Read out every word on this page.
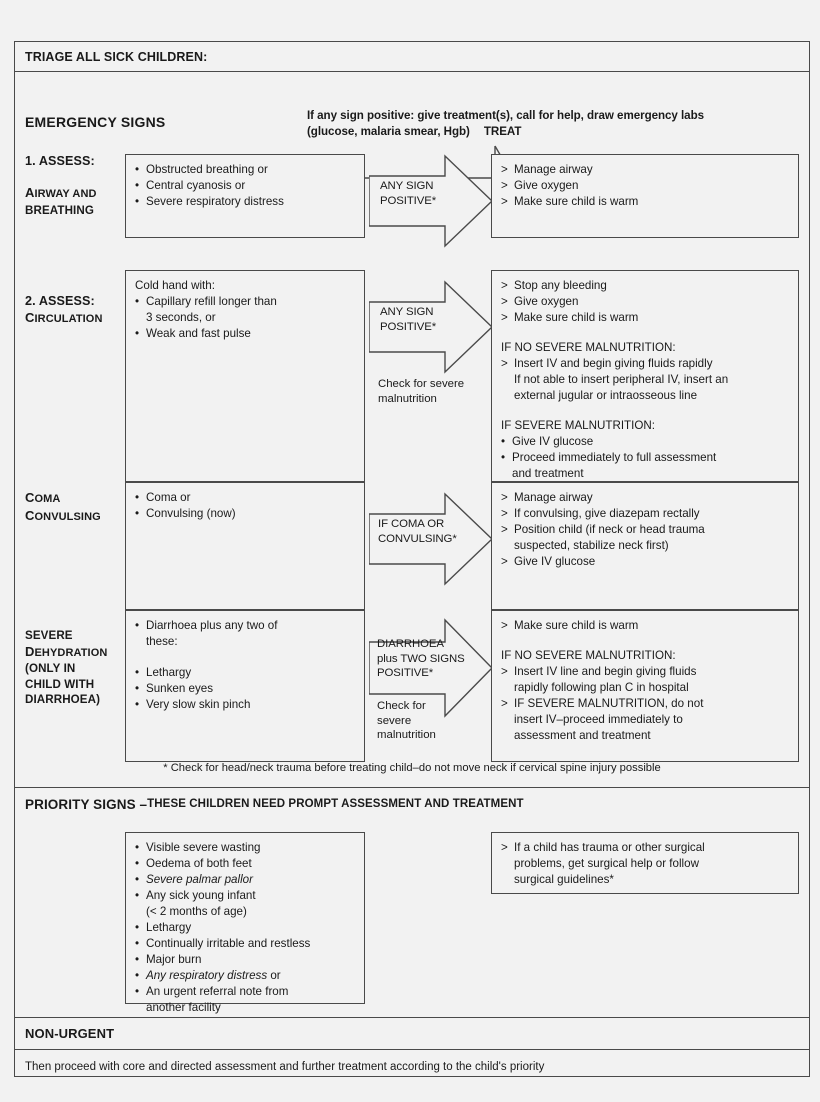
TRIAGE ALL SICK CHILDREN:
EMERGENCY SIGNS	If any sign positive: give treatment(s), call for help, draw emergency labs
(glucose, malaria smear, Hgb) TREAT
1. ASSESS:

AIRWAY AND
BREATHING
• Obstructed breathing or
• Central cyanosis or
• Severe respiratory distress
ANY SIGN
POSITIVE*
> Manage airway
> Give oxygen
> Make sure child is warm
2. ASSESS:
CIRCULATION
Cold hand with:
• Capillary refill longer than
3 seconds, or
• Weak and fast pulse
ANY SIGN
POSITIVE*
Check for severe
malnutrition
> Stop any bleeding
> Give oxygen
> Make sure child is warm
IF NO SEVERE MALNUTRITION:
> Insert IV and begin giving fluids rapidly
If not able to insert peripheral IV, insert an
external jugular or intraosseous line
IF SEVERE MALNUTRITION:
• Give IV glucose
• Proceed immediately to full assessment
and treatment
COMA
CONVULSING
• Coma or
• Convulsing (now)
IF COMA OR
CONVULSING*
> Manage airway
> If convulsing, give diazepam rectally
> Position child (if neck or head trauma
suspected, stabilize neck first)
> Give IV glucose
SEVERE
DEHYDRATION
(ONLY IN
CHILD WITH
DIARRHOEA)
• Diarrhoea plus any two of
these:
• Lethargy
• Sunken eyes
• Very slow skin pinch
DIARRHOEA
plus TWO SIGNS
POSITIVE*
Check for
severe
malnutrition
> Make sure child is warm
IF NO SEVERE MALNUTRITION:
> Insert IV line and begin giving fluids
rapidly following plan C in hospital
> IF SEVERE MALNUTRITION, do not
insert IV–proceed immediately to
assessment and treatment
* Check for head/neck trauma before treating child–do not move neck if cervical spine injury possible
PRIORITY SIGNS – THESE CHILDREN NEED PROMPT ASSESSMENT AND TREATMENT
• Visible severe wasting
• Oedema of both feet
• Severe palmar pallor
• Any sick young infant
(< 2 months of age)
• Lethargy
• Continually irritable and restless
• Major burn
• Any respiratory distress or
• An urgent referral note from
another facility
> If a child has trauma or other surgical
problems, get surgical help or follow
surgical guidelines*
NON-URGENT
Then proceed with core and directed assessment and further treatment according to the child's priority
